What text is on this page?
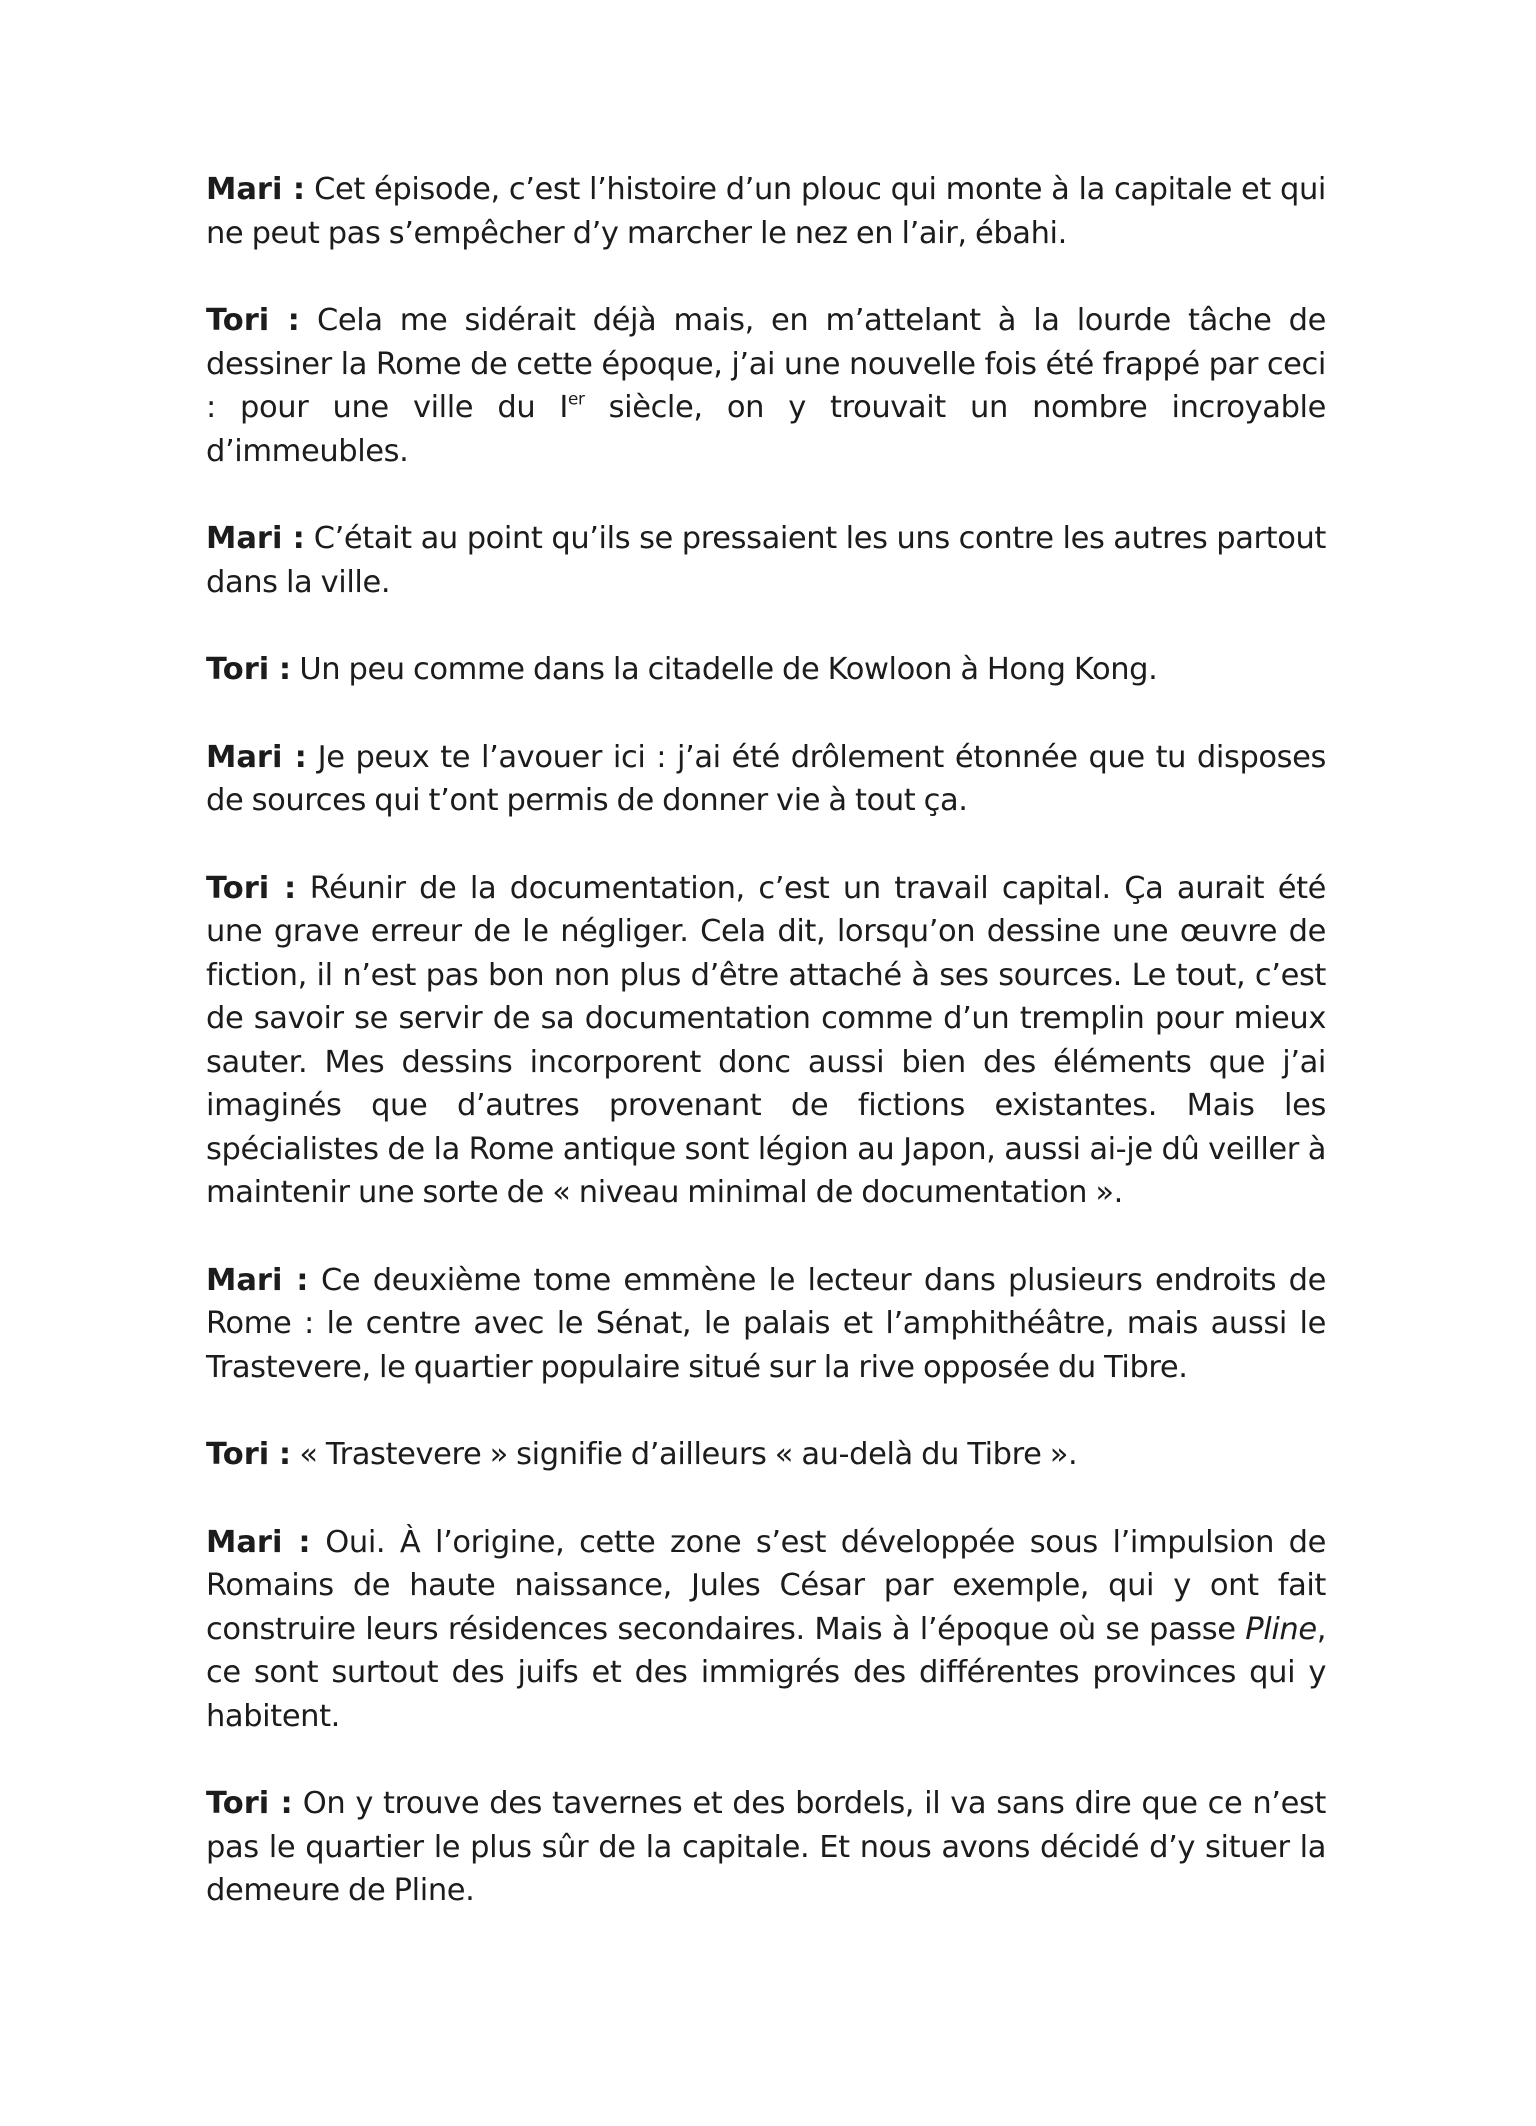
Mari : Cet épisode, c’est l’histoire d’un plouc qui monte à la capitale et qui ne peut pas s’empêcher d’y marcher le nez en l’air, ébahi.

Tori : Cela me sidérait déjà mais, en m’attelant à la lourde tâche de dessiner la Rome de cette époque, j’ai une nouvelle fois été frappé par ceci : pour une ville du Ier siècle, on y trouvait un nombre incroyable d’immeubles.

Mari : C’était au point qu’ils se pressaient les uns contre les autres partout dans la ville.

Tori : Un peu comme dans la citadelle de Kowloon à Hong Kong.

Mari : Je peux te l’avouer ici : j’ai été drôlement étonnée que tu disposes de sources qui t’ont permis de donner vie à tout ça.

Tori : Réunir de la documentation, c’est un travail capital. Ça aurait été une grave erreur de le négliger. Cela dit, lorsqu’on dessine une œuvre de fiction, il n’est pas bon non plus d’être attaché à ses sources. Le tout, c’est de savoir se servir de sa documentation comme d’un tremplin pour mieux sauter. Mes dessins incorporent donc aussi bien des éléments que j’ai imaginés que d’autres provenant de fictions existantes. Mais les spécialistes de la Rome antique sont légion au Japon, aussi ai-je dû veiller à maintenir une sorte de « niveau minimal de documentation ».

Mari : Ce deuxième tome emmène le lecteur dans plusieurs endroits de Rome : le centre avec le Sénat, le palais et l’amphithéâtre, mais aussi le Trastevere, le quartier populaire situé sur la rive opposée du Tibre.

Tori : « Trastevere » signifie d’ailleurs « au-delà du Tibre ».

Mari : Oui. À l’origine, cette zone s’est développée sous l’impulsion de Romains de haute naissance, Jules César par exemple, qui y ont fait construire leurs résidences secondaires. Mais à l’époque où se passe Pline, ce sont surtout des juifs et des immigrés des différentes provinces qui y habitent.

Tori : On y trouve des tavernes et des bordels, il va sans dire que ce n’est pas le quartier le plus sûr de la capitale. Et nous avons décidé d’y situer la demeure de Pline.
